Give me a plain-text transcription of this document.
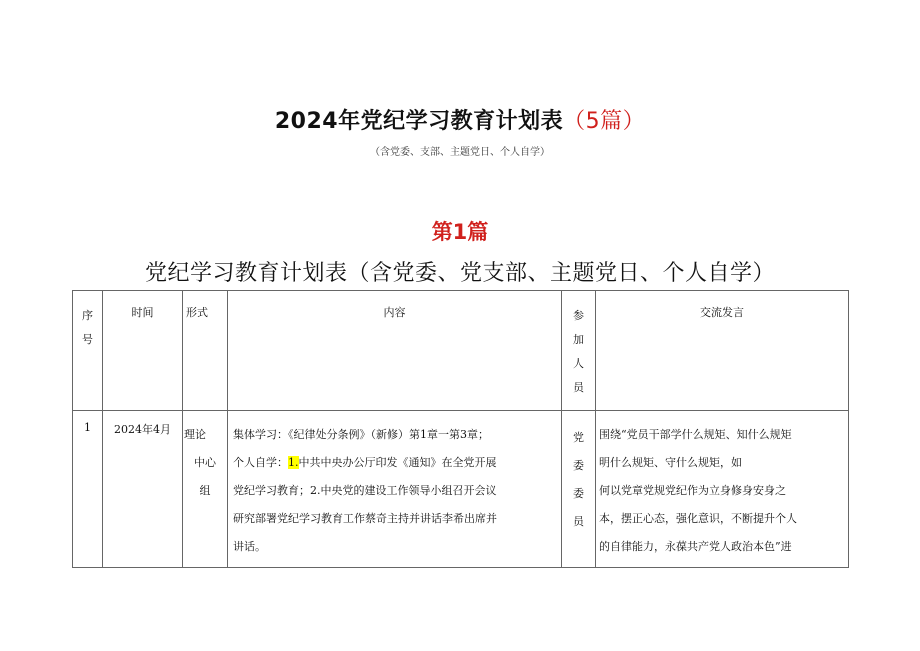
2024年党纪学习教育计划表（5篇）
（含党委、支部、主题党日、个人自学）
第1篇
党纪学习教育计划表（含党委、党支部、主题党日、个人自学）
序
号	时间	形式	内容	参
加
人
员	交流发言
1	2024年4月	理论
中心
组	集体学习：《纪律处分条例》（新修）第1章一第3章；
个人自学：1.中共中央办公厅印发《通知》在全党开展
党纪学习教育；2.中央党的建设工作领导小组召开会议
研究部署党纪学习教育工作蔡奇主持并讲话李希出席并
讲话。	党
委
委
员	围绕“党员干部学什么规矩、知什么规矩
明什么规矩、守什么规矩，如
何以党章党规党纪作为立身修身安身之
本，摆正心态，强化意识，不断提升个人
的自律能力，永葆共产党人政治本色”进
